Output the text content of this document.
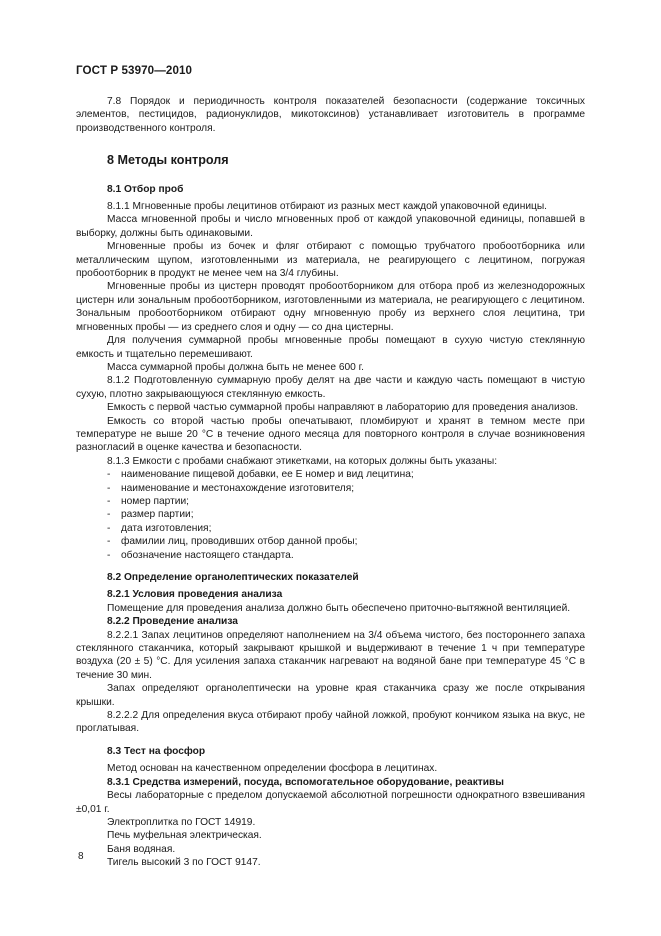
ГОСТ Р 53970—2010

7.8 Порядок и периодичность контроля показателей безопасности (содержание токсичных элементов, пестицидов, радионуклидов, микотоксинов) устанавливает изготовитель в программе производственного контроля.

8 Методы контроля
8.1 Отбор проб

8.1.1 Мгновенные пробы лецитинов отбирают из разных мест каждой упаковочной единицы.

Масса мгновенной пробы и число мгновенных проб от каждой упаковочной единицы, попавшей в выборку, должны быть одинаковыми.

Мгновенные пробы из бочек и фляг отбирают с помощью трубчатого пробоотборника или металлическим щупом, изготовленными из материала, не реагирующего с лецитином, погружая пробоотборник в продукт не менее чем на 3/4 глубины.

Мгновенные пробы из цистерн проводят пробоотборником для отбора проб из железнодорожных цистерн или зональным пробоотборником, изготовленными из материала, не реагирующего с лецитином. Зональным пробоотборником отбирают одну мгновенную пробу из верхнего слоя лецитина, три мгновенных пробы — из среднего слоя и одну — со дна цистерны.

Для получения суммарной пробы мгновенные пробы помещают в сухую чистую стеклянную емкость и тщательно перемешивают.

Масса суммарной пробы должна быть не менее 600 г.

8.1.2 Подготовленную суммарную пробу делят на две части и каждую часть помещают в чистую сухую, плотно закрывающуюся стеклянную емкость.

Емкость с первой частью суммарной пробы направляют в лабораторию для проведения анализов.

Емкость со второй частью пробы опечатывают, пломбируют и хранят в темном месте при температуре не выше 20 °С в течение одного месяца для повторного контроля в случае возникновения разногласий в оценке качества и безопасности.

8.1.3 Емкости с пробами снабжают этикетками, на которых должны быть указаны:

- наименование пищевой добавки, ее Е номер и вид лецитина;
- наименование и местонахождение изготовителя;
- номер партии;
- размер партии;
- дата изготовления;
- фамилии лиц, проводивших отбор данной пробы;
- обозначение настоящего стандарта.
8.2 Определение органолептических показателей
8.2.1 Условия проведения анализа

Помещение для проведения анализа должно быть обеспечено приточно-вытяжной вентиляцией.

8.2.2 Проведение анализа

8.2.2.1 Запах лецитинов определяют наполнением на 3/4 объема чистого, без постороннего запаха стеклянного стаканчика, который закрывают крышкой и выдерживают в течение 1 ч при температуре воздуха (20 ± 5) °С. Для усиления запаха стаканчик нагревают на водяной бане при температуре 45 °С в течение 30 мин.

Запах определяют органолептически на уровне края стаканчика сразу же после открывания крышки.

8.2.2.2 Для определения вкуса отбирают пробу чайной ложкой, пробуют кончиком языка на вкус, не проглатывая.

8.3 Тест на фосфор

Метод основан на качественном определении фосфора в лецитинах.

8.3.1 Средства измерений, посуда, вспомогательное оборудование, реактивы

Весы лабораторные с пределом допускаемой абсолютной погрешности однократного взвешивания ±0,01 г.

Электроплитка по ГОСТ 14919.

Печь муфельная электрическая.

Баня водяная.

Тигель высокий 3 по ГОСТ 9147.

8
